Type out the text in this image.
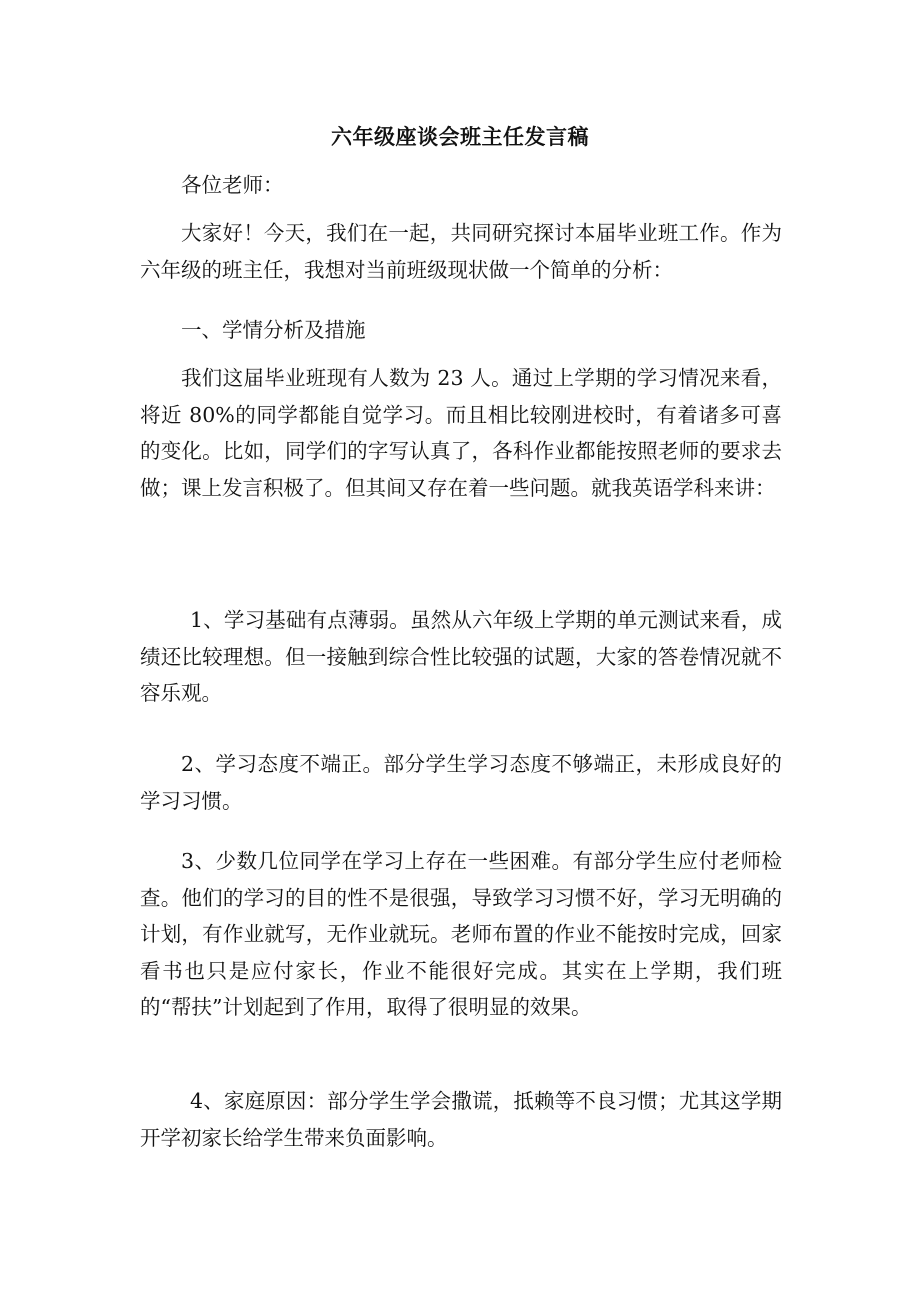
六年级座谈会班主任发言稿
各位老师：
大家好！今天，我们在一起，共同研究探讨本届毕业班工作。作为六年级的班主任，我想对当前班级现状做一个简单的分析：
一、学情分析及措施
我们这届毕业班现有人数为 23 人。通过上学期的学习情况来看，将近 80%的同学都能自觉学习。而且相比较刚进校时，有着诸多可喜的变化。比如，同学们的字写认真了，各科作业都能按照老师的要求去做；课上发言积极了。但其间又存在着一些问题。就我英语学科来讲：
1、学习基础有点薄弱。虽然从六年级上学期的单元测试来看，成绩还比较理想。但一接触到综合性比较强的试题，大家的答卷情况就不容乐观。
2、学习态度不端正。部分学生学习态度不够端正，未形成良好的学习习惯。
3、少数几位同学在学习上存在一些困难。有部分学生应付老师检查。他们的学习的目的性不是很强，导致学习习惯不好，学习无明确的计划，有作业就写，无作业就玩。老师布置的作业不能按时完成，回家看书也只是应付家长，作业不能很好完成。其实在上学期，我们班的“帮扶”计划起到了作用，取得了很明显的效果。
4、家庭原因：部分学生学会撒谎，抵赖等不良习惯；尤其这学期开学初家长给学生带来负面影响。
